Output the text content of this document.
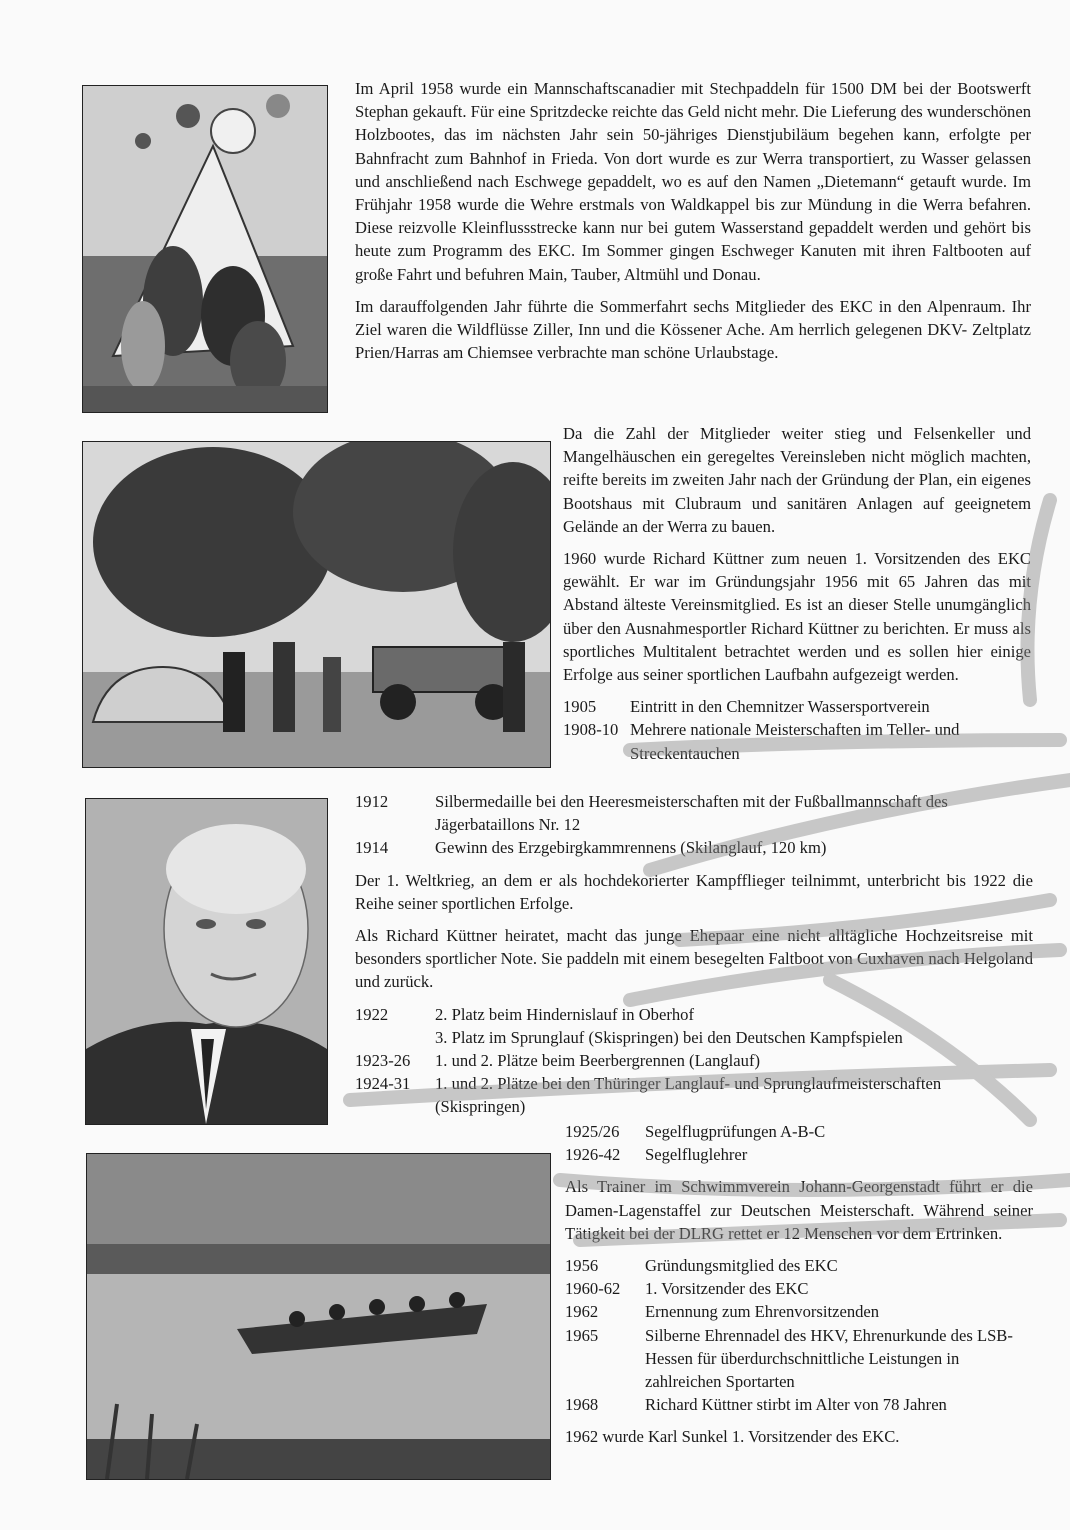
Im April 1958 wurde ein Mannschaftscanadier mit Stechpaddeln für 1500 DM bei der Bootswerft Stephan gekauft. Für eine Spritzdecke reichte das Geld nicht mehr. Die Lieferung des wunderschönen Holzbootes, das im nächsten Jahr sein 50-jähriges Dienstjubiläum begehen kann, erfolgte per Bahnfracht zum Bahnhof in Frieda. Von dort wurde es zur Werra transportiert, zu Wasser gelassen und anschließend nach Eschwege gepaddelt, wo es auf den Namen „Dietemann“ getauft wurde. Im Frühjahr 1958 wurde die Wehre erstmals von Waldkappel bis zur Mündung in die Werra befahren. Diese reizvolle Kleinflussstrecke kann nur bei gutem Wasserstand gepaddelt werden und gehört bis heute zum Programm des EKC. Im Sommer gingen Eschweger Kanuten mit ihren Faltbooten auf große Fahrt und befuhren Main, Tauber, Altmühl und Donau.

Im darauffolgenden Jahr führte die Sommerfahrt sechs Mitglieder des EKC in den Alpenraum. Ihr Ziel waren die Wildflüsse Ziller, Inn und die Kössener Ache. Am herrlich gelegenen DKV- Zeltplatz Prien/Harras am Chiemsee verbrachte man schöne Urlaubstage.

Da die Zahl der Mitglieder weiter stieg und Felsenkeller und Mangelhäuschen ein geregeltes Vereinsleben nicht möglich machten, reifte bereits im zweiten Jahr nach der Gründung der Plan, ein eigenes Bootshaus mit Clubraum und sanitären Anlagen auf geeignetem Gelände an der Werra zu bauen.

1960 wurde Richard Küttner zum neuen 1. Vorsitzenden des EKC gewählt. Er war im Gründungsjahr 1956 mit 65 Jahren das mit Abstand älteste Vereinsmitglied. Es ist an dieser Stelle unumgänglich über den Ausnahmesportler Richard Küttner zu berichten. Er muss als sportliches Multitalent betrachtet werden und es sollen hier einige Erfolge aus seiner sportlichen Laufbahn aufgezeigt werden.

1905	Eintritt in den Chemnitzer Wassersportverein
1908-10 Mehrere nationale Meisterschaften im Teller- und Streckentauchen
1912	Silbermedaille bei den Heeresmeisterschaften mit der Fußballmannschaft des Jägerbataillons Nr. 12
1914	Gewinn des Erzgebirgkammrennens (Skilanglauf, 120 km)

Der 1. Weltkrieg, an dem er als hochdekorierter Kampfflieger teilnimmt, unterbricht bis 1922 die Reihe seiner sportlichen Erfolge.

Als Richard Küttner heiratet, macht das junge Ehepaar eine nicht alltägliche Hochzeitsreise mit besonders sportlicher Note. Sie paddeln mit einem besegelten Faltboot von Cuxhaven nach Helgoland und zurück.

1922	2. Platz beim Hindernislauf in Oberhof
3. Platz im Sprunglauf (Skispringen) bei den Deutschen Kampfspielen
1923-26	1. und 2. Plätze beim Beerbergrennen (Langlauf)
1924-31	1. und 2. Plätze bei den Thüringer Langlauf- und Sprunglaufmeisterschaften (Skispringen)
1925/26	Segelflugprüfungen A-B-C
1926-42	Segelfluglehrer

Als Trainer im Schwimmverein Johann-Georgenstadt führt er die Damen-Lagenstaffel zur Deutschen Meisterschaft. Während seiner Tätigkeit bei der DLRG rettet er 12 Menschen vor dem Ertrinken.

1956	Gründungsmitglied des EKC
1960-62	1. Vorsitzender des EKC
1962	Ernennung zum Ehrenvorsitzenden
1965	Silberne Ehrennadel des HKV, Ehrenurkunde des LSB-Hessen für überdurchschnittliche Leistungen in zahlreichen Sportarten
1968	Richard Küttner stirbt im Alter von 78 Jahren

1962 wurde Karl Sunkel 1. Vorsitzender des EKC.
